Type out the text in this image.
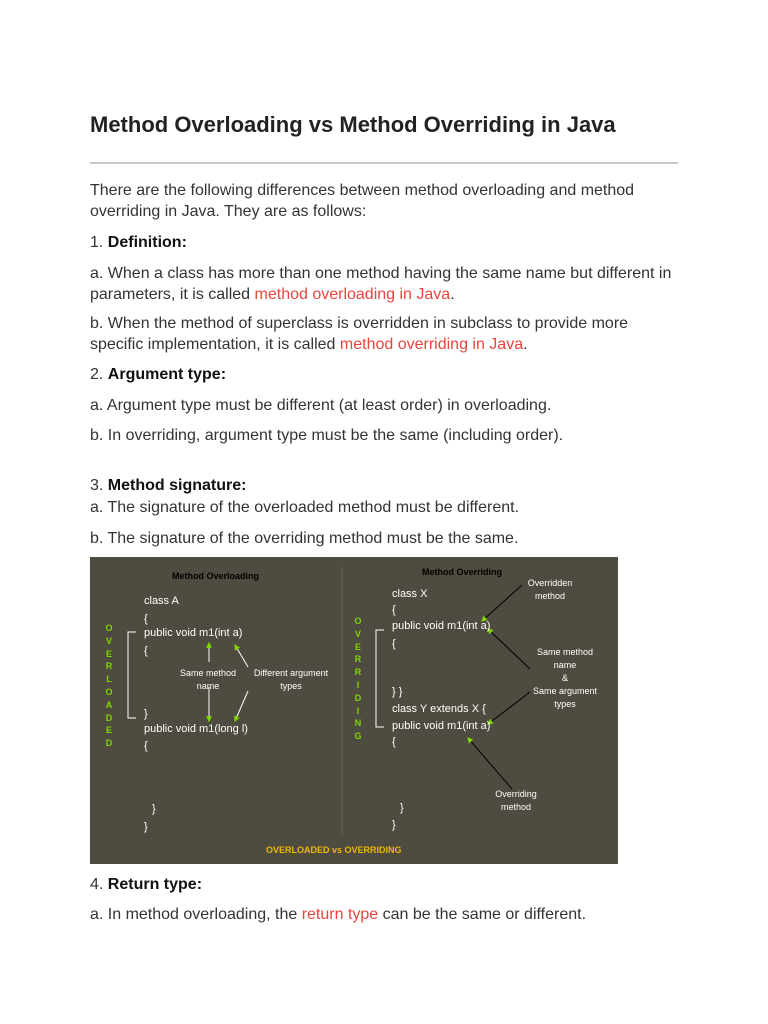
Method Overloading vs Method Overriding in Java

There are the following differences between method overloading and method overriding in Java. They are as follows:

1. Definition:

a. When a class has more than one method having the same name but different in parameters, it is called method overloading in Java.

b. When the method of superclass is overridden in subclass to provide more specific implementation, it is called method overriding in Java.

2. Argument type:

a. Argument type must be different (at least order) in overloading.

b. In overriding, argument type must be the same (including order).

3. Method signature:

a. The signature of the overloaded method must be different.

b. The signature of the overriding method must be the same.

4. Return type:

a. In method overloading, the return type can be the same or different.

Method Overloading	Method Overriding
class A
{
public void m1(int a)
{
}
public void m1(long l)
{
}
}
class X
{
public void m1(int a)
{
} }
class Y extends X {
public void m1(int a)
{
}
}
O
V
E
R
L
O
A
D
E
D
O
V
E
R
R
I
D
I
N
G
Same method
name
Different argument
types
Overridden
method
Same method
name
&
Same argument
types
Overriding
method
OVERLOADED vs OVERRIDING
